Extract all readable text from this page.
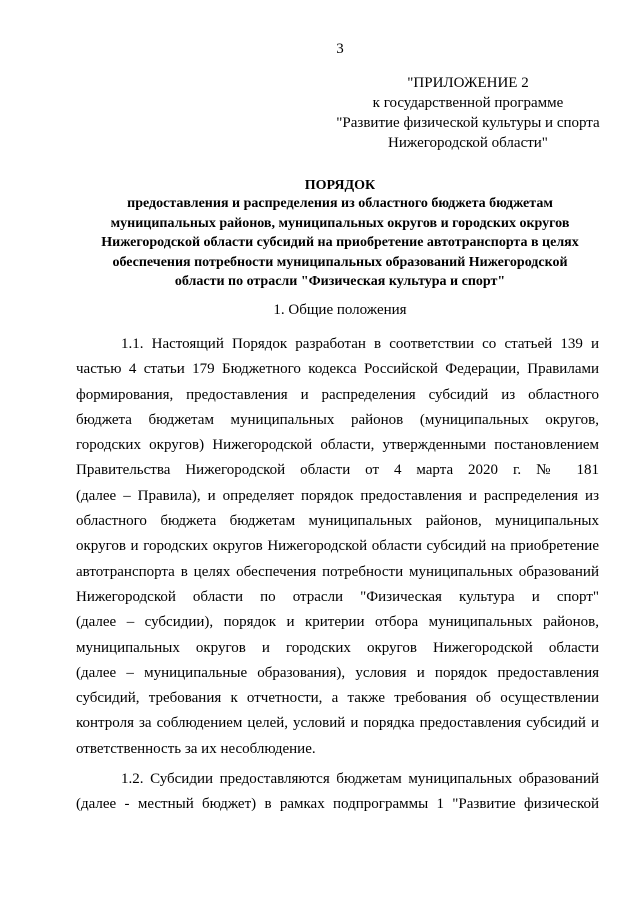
3
"ПРИЛОЖЕНИЕ 2
к государственной программе
"Развитие физической культуры и спорта
Нижегородской области"
ПОРЯДОК
предоставления и распределения из областного бюджета бюджетам
муниципальных районов, муниципальных округов и городских округов
Нижегородской области субсидий на приобретение автотранспорта в целях
обеспечения потребности муниципальных образований Нижегородской
области по отрасли "Физическая культура и спорт"
1. Общие положения
1.1. Настоящий Порядок разработан в соответствии со статьей 139 и
частью 4 статьи 179 Бюджетного кодекса Российской Федерации, Правилами
формирования, предоставления и распределения субсидий из областного
бюджета бюджетам муниципальных районов (муниципальных округов,
городских округов) Нижегородской области, утвержденными постановлением
Правительства Нижегородской области от 4 марта 2020 г. № 181
(далее – Правила), и определяет порядок предоставления и распределения из
областного бюджета бюджетам муниципальных районов, муниципальных
округов и городских округов Нижегородской области субсидий на приобретение
автотранспорта в целях обеспечения потребности муниципальных образований
Нижегородской области по отрасли "Физическая культура и спорт"
(далее – субсидии), порядок и критерии отбора муниципальных районов,
муниципальных округов и городских округов Нижегородской области
(далее – муниципальные образования), условия и порядок предоставления
субсидий, требования к отчетности, а также требования об осуществлении
контроля за соблюдением целей, условий и порядка предоставления субсидий и
ответственность за их несоблюдение.
1.2. Субсидии предоставляются бюджетам муниципальных образований
(далее - местный бюджет) в рамках подпрограммы 1 "Развитие физической
